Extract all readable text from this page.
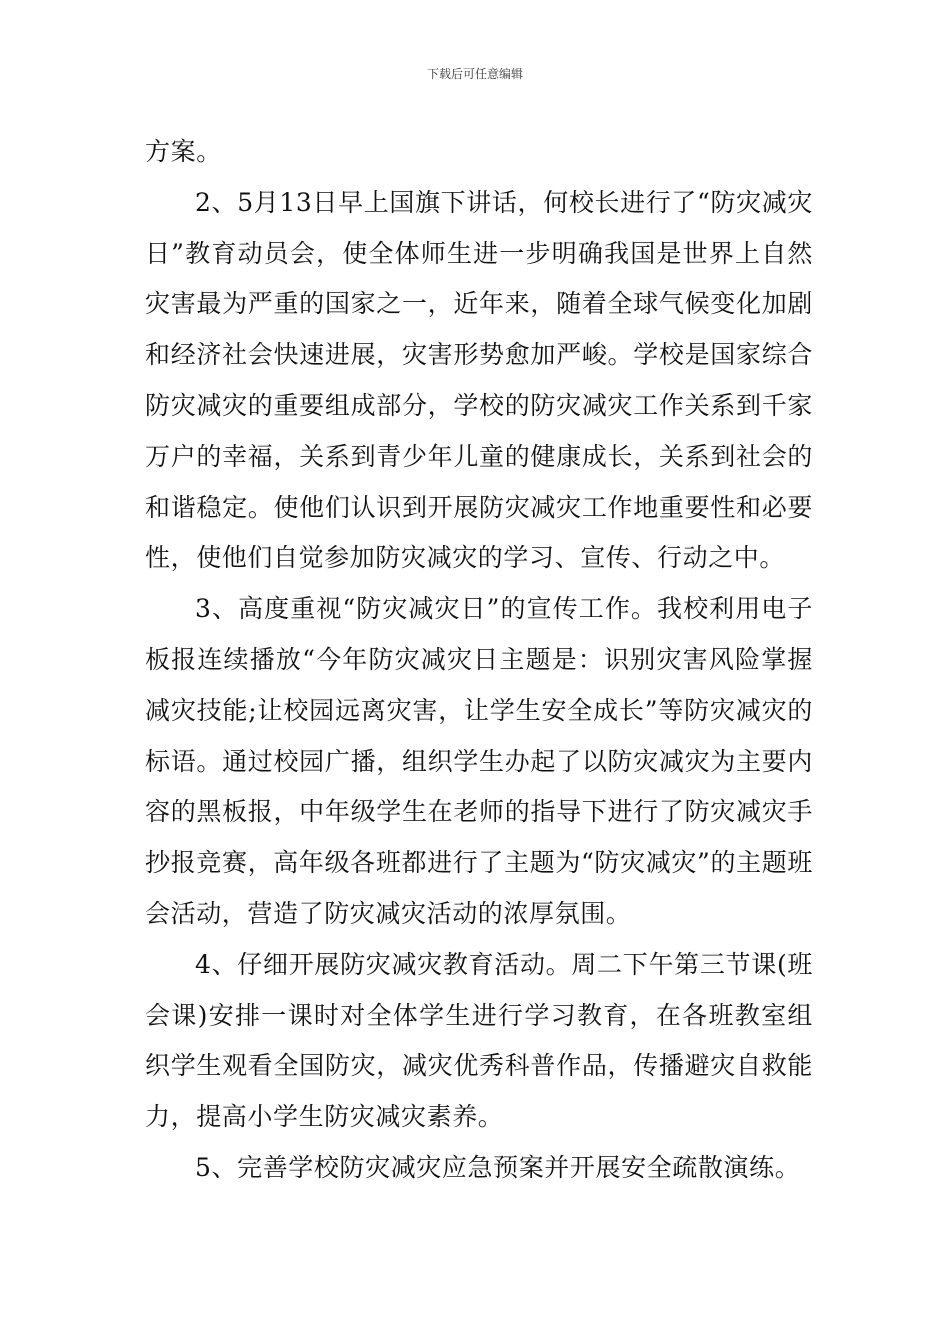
下载后可任意编辑

方案。

2、5月13日早上国旗下讲话，何校长进行了“防灾减灾日”教育动员会，使全体师生进一步明确我国是世界上自然灾害最为严重的国家之一，近年来，随着全球气候变化加剧和经济社会快速进展，灾害形势愈加严峻。学校是国家综合防灾减灾的重要组成部分，学校的防灾减灾工作关系到千家万户的幸福，关系到青少年儿童的健康成长，关系到社会的和谐稳定。使他们认识到开展防灾减灾工作地重要性和必要性，使他们自觉参加防灾减灾的学习、宣传、行动之中。

3、高度重视“防灾减灾日”的宣传工作。我校利用电子板报连续播放“今年防灾减灾日主题是：识别灾害风险掌握减灾技能;让校园远离灾害，让学生安全成长”等防灾减灾的标语。通过校园广播，组织学生办起了以防灾减灾为主要内容的黑板报，中年级学生在老师的指导下进行了防灾减灾手抄报竞赛，高年级各班都进行了主题为“防灾减灾”的主题班会活动，营造了防灾减灾活动的浓厚氛围。

4、仔细开展防灾减灾教育活动。周二下午第三节课(班会课)安排一课时对全体学生进行学习教育，在各班教室组织学生观看全国防灾，减灾优秀科普作品，传播避灾自救能力，提高小学生防灾减灾素养。

5、完善学校防灾减灾应急预案并开展安全疏散演练。
